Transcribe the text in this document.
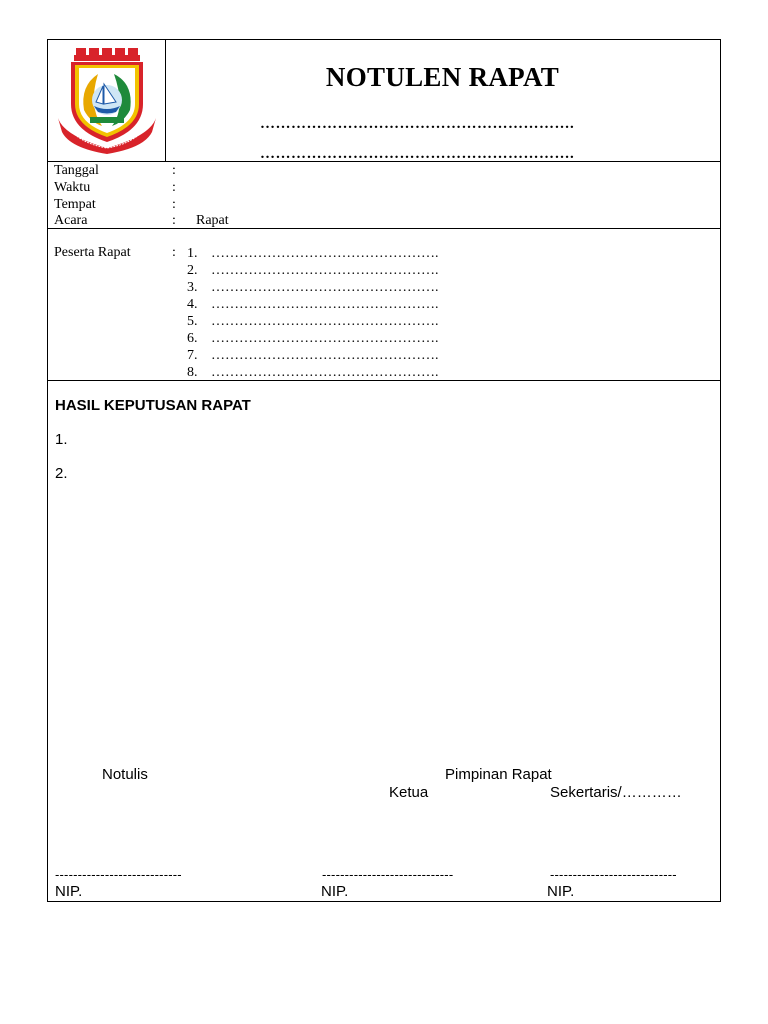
NOTULEN RAPAT
…………………………………………………….
…………………………………………………….
Tanggal	:
Waktu	:
Tempat	:
Acara	: Rapat
Peserta Rapat	: 1. ………………………………………….
2. ………………………………………….
3. ………………………………………….
4. ………………………………………….
5. ………………………………………….
6. ………………………………………….
7. ………………………………………….
8. ………………………………………….
HASIL KEPUTUSAN RAPAT
1.
2.
Notulis	Pimpinan Rapat
Ketua	Sekertaris/…………
----------------------------	-----------------------------	----------------------------
NIP.	NIP.	NIP.
